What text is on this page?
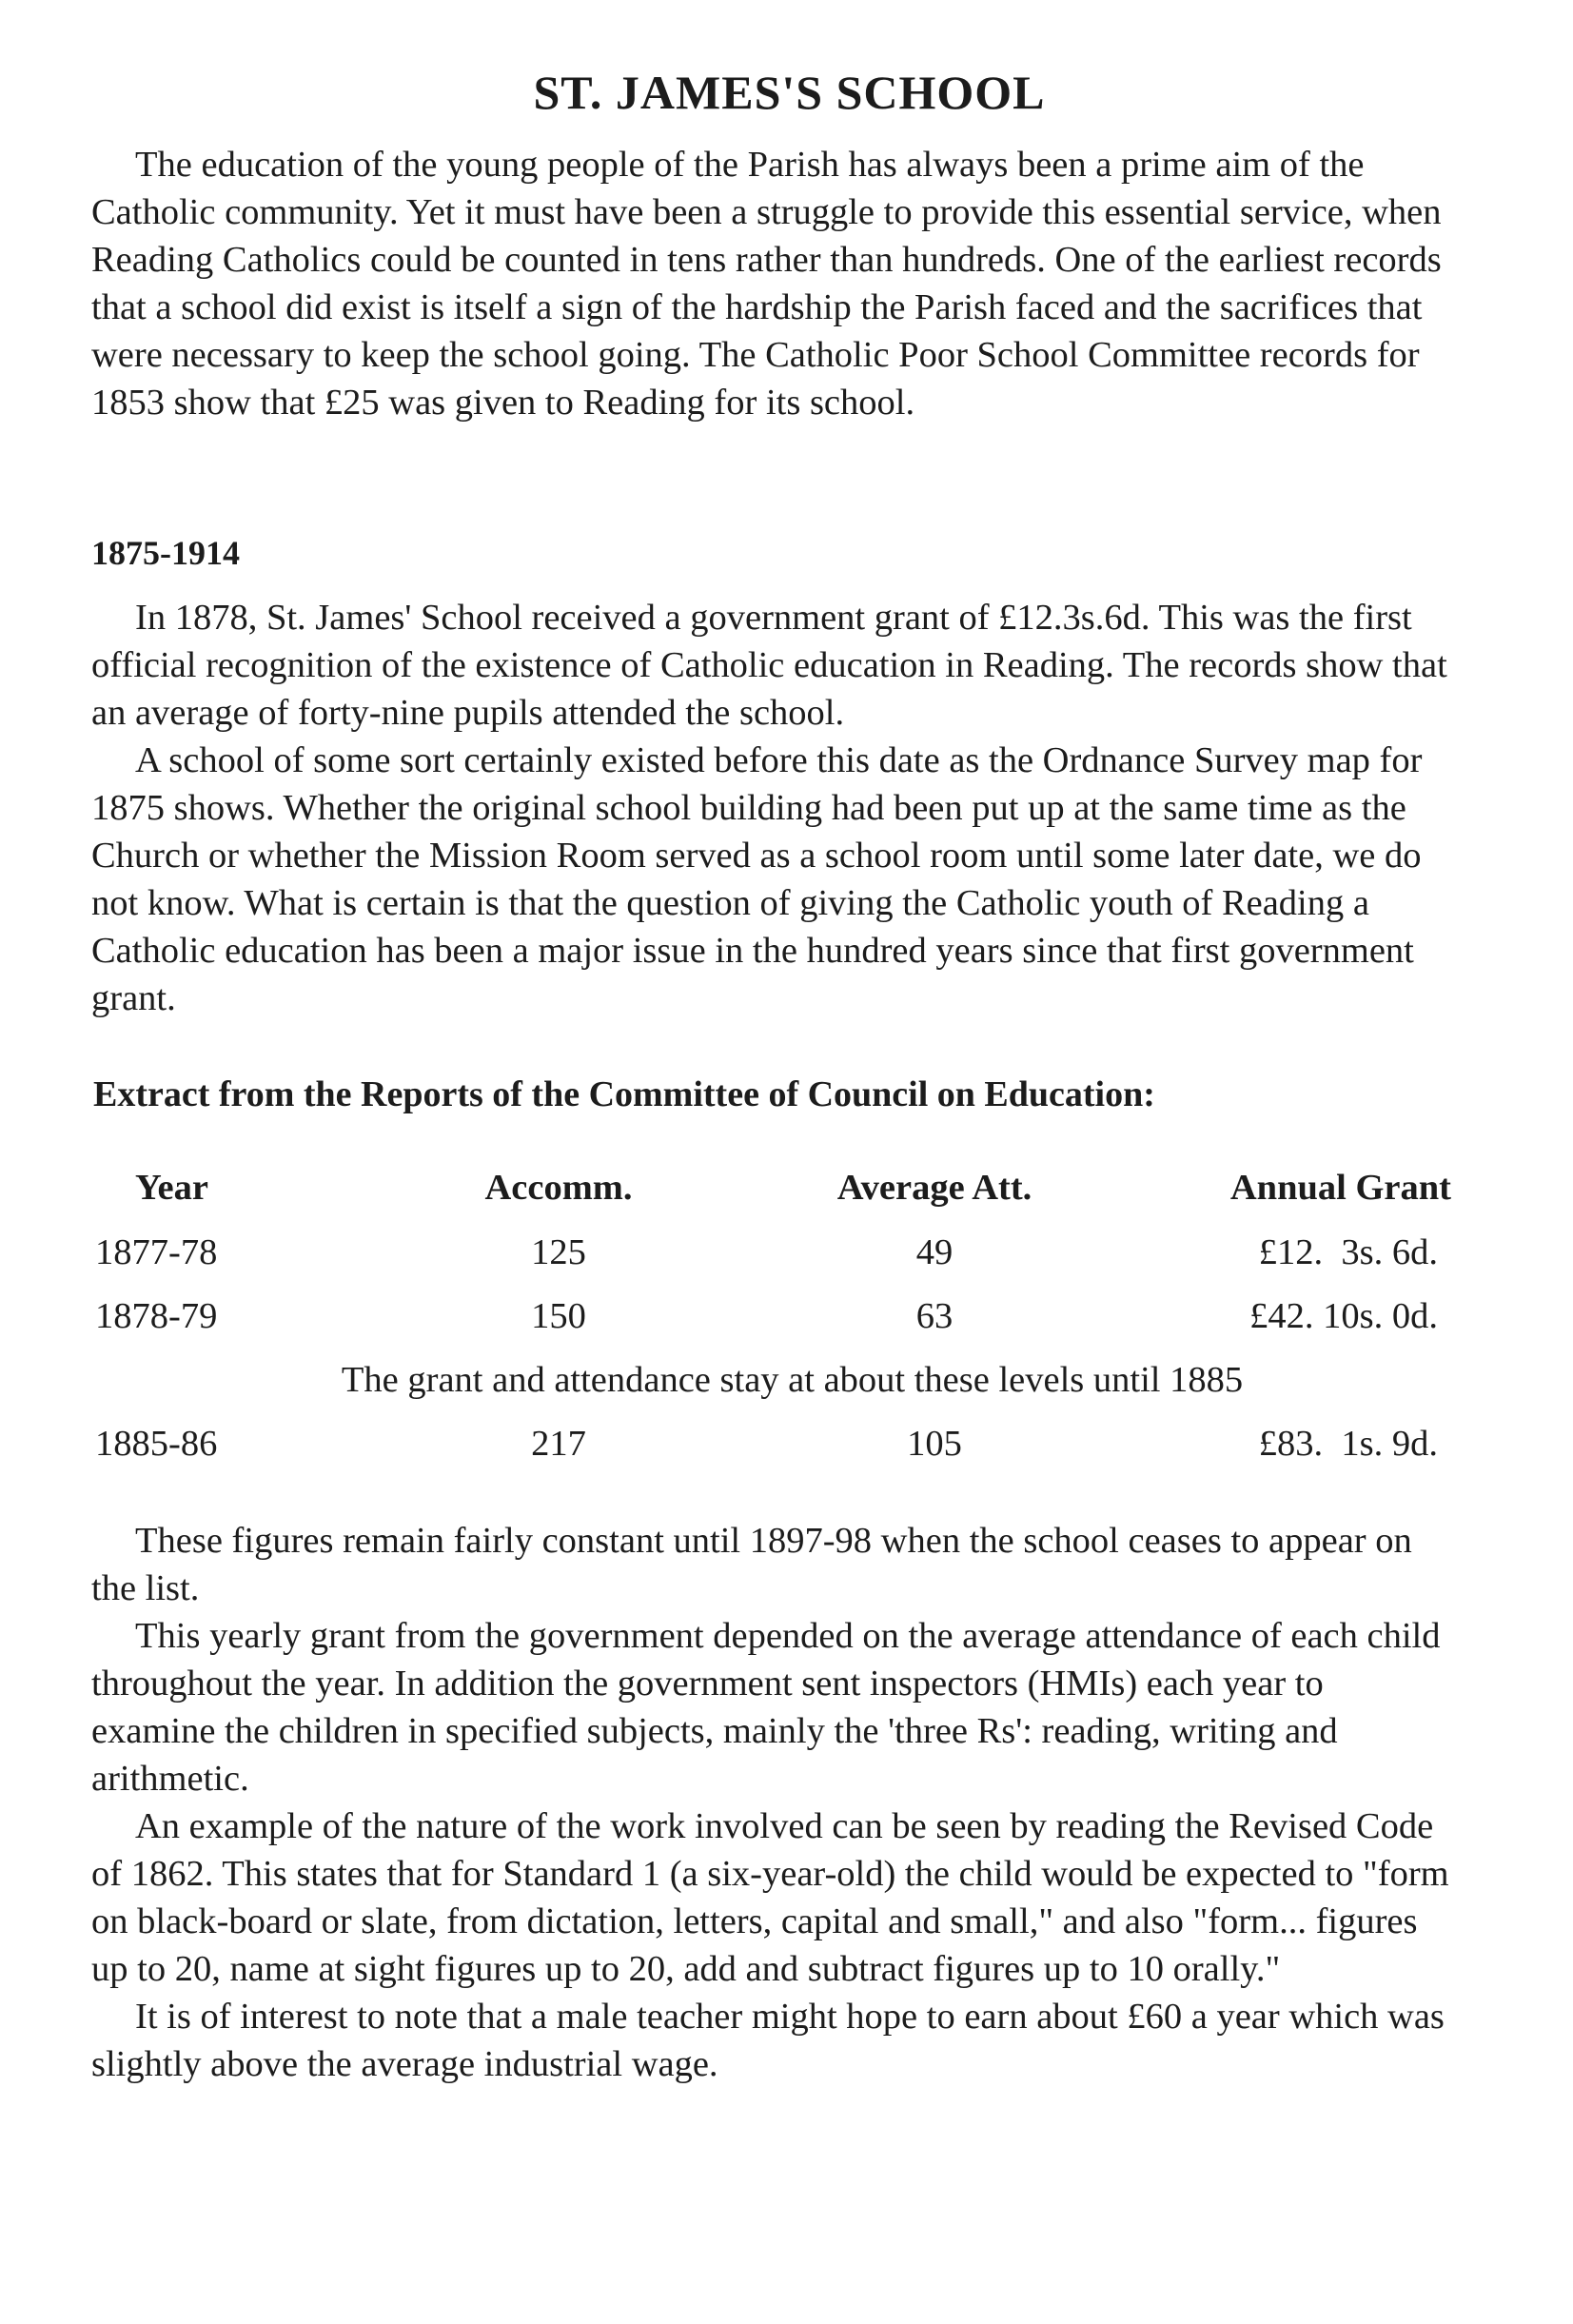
ST. JAMES'S SCHOOL

The education of the young people of the Parish has always been a prime aim of the Catholic community. Yet it must have been a struggle to provide this essential service, when Reading Catholics could be counted in tens rather than hundreds. One of the earliest records that a school did exist is itself a sign of the hardship the Parish faced and the sacrifices that were necessary to keep the school going. The Catholic Poor School Committee records for 1853 show that £25 was given to Reading for its school.

1875-1914

In 1878, St. James' School received a government grant of £12.3s.6d. This was the first official recognition of the existence of Catholic education in Reading. The records show that an average of forty-nine pupils attended the school.

A school of some sort certainly existed before this date as the Ordnance Survey map for 1875 shows. Whether the original school building had been put up at the same time as the Church or whether the Mission Room served as a school room until some later date, we do not know. What is certain is that the question of giving the Catholic youth of Reading a Catholic education has been a major issue in the hundred years since that first government grant.

Extract from the Reports of the Committee of Council on Education:
Year	Accomm.	Average Att.	Annual Grant
1877-78	125	49	£12.  3s. 6d.
1878-79	150	63	£42. 10s. 0d.
The grant and attendance stay at about these levels until 1885			
1885-86	217	105	£83.  1s. 9d.

These figures remain fairly constant until 1897-98 when the school ceases to appear on the list.

This yearly grant from the government depended on the average attendance of each child throughout the year. In addition the government sent inspectors (HMIs) each year to examine the children in specified subjects, mainly the 'three Rs': reading, writing and arithmetic.

An example of the nature of the work involved can be seen by reading the Revised Code of 1862. This states that for Standard 1 (a six-year-old) the child would be expected to "form on black-board or slate, from dictation, letters, capital and small," and also "form... figures up to 20, name at sight figures up to 20, add and subtract figures up to 10 orally."

It is of interest to note that a male teacher might hope to earn about £60 a year which was slightly above the average industrial wage.
